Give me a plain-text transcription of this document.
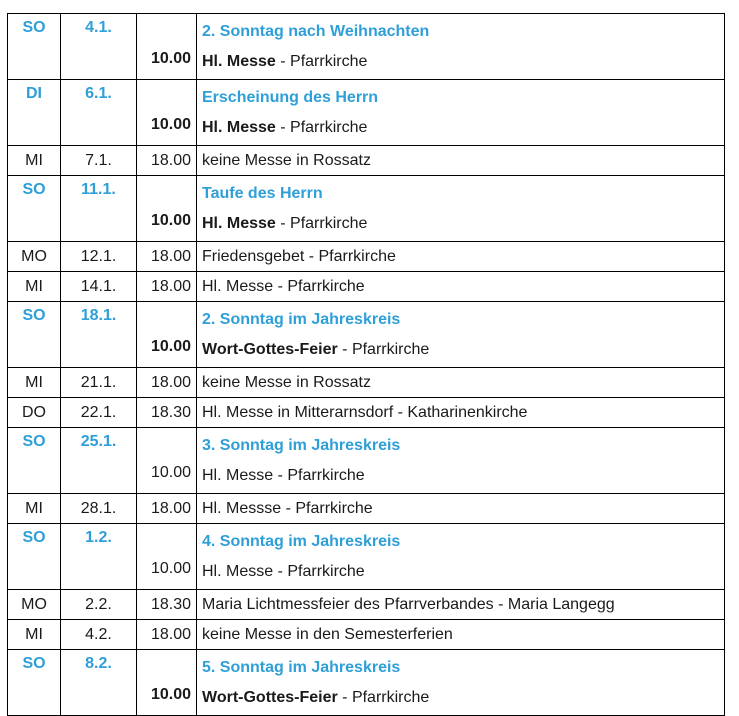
SO	4.1.	10.00	2. Sonntag nach Weihnachten
Hl. Messe - Pfarrkirche

DI	6.1.	10.00	Erscheinung des Herrn
Hl. Messe - Pfarrkirche

MI	7.1.	18.00	keine Messe in Rossatz
SO	11.1.	10.00	Taufe des Herrn
Hl. Messe - Pfarrkirche

MO	12.1.	18.00	Friedensgebet - Pfarrkirche
MI	14.1.	18.00	Hl. Messe - Pfarrkirche
SO	18.1.	10.00	2. Sonntag im Jahreskreis
Wort-Gottes-Feier - Pfarrkirche

MI	21.1.	18.00	keine Messe in Rossatz
DO	22.1.	18.30	Hl. Messe in Mitterarnsdorf - Katharinenkirche
SO	25.1.	10.00	3. Sonntag im Jahreskreis
Hl. Messe - Pfarrkirche

MI	28.1.	18.00	Hl. Messse - Pfarrkirche
SO	1.2.	10.00	4. Sonntag im Jahreskreis
Hl. Messe - Pfarrkirche

MO	2.2.	18.30	Maria Lichtmessfeier des Pfarrverbandes - Maria Langegg
MI	4.2.	18.00	keine Messe in den Semesterferien
SO	8.2.	10.00	5. Sonntag im Jahreskreis
Wort-Gottes-Feier - Pfarrkirche
